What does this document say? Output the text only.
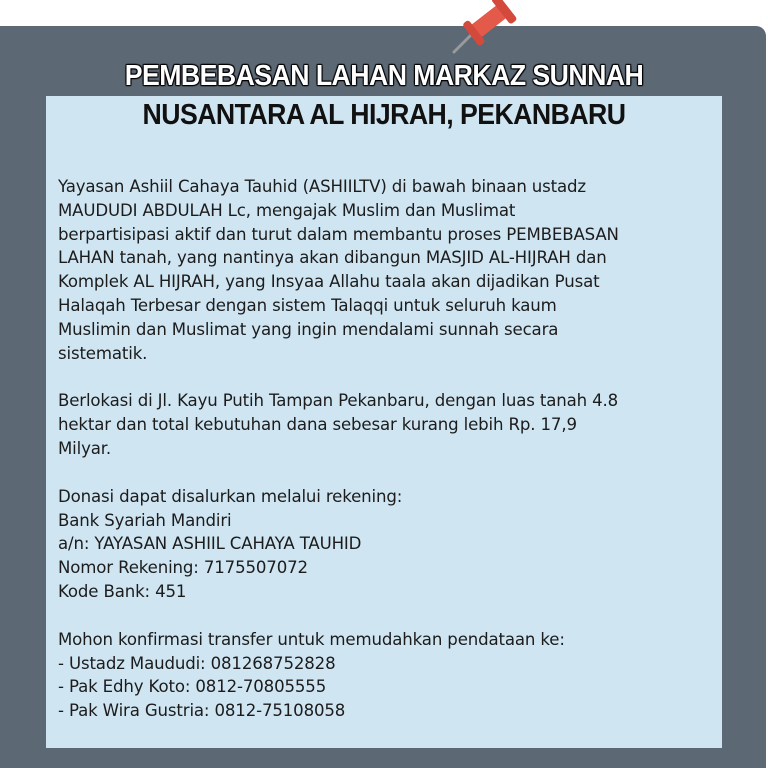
PEMBEBASAN LAHAN MARKAZ SUNNAH
NUSANTARA AL HIJRAH, PEKANBARU

Yayasan Ashiil Cahaya Tauhid (ASHIILTV) di bawah binaan ustadz

MAUDUDI ABDULAH Lc, mengajak Muslim dan Muslimat

berpartisipasi aktif dan turut dalam membantu proses PEMBEBASAN

LAHAN tanah, yang nantinya akan dibangun MASJID AL-HIJRAH dan

Komplek AL HIJRAH, yang Insyaa Allahu taala akan dijadikan Pusat

Halaqah Terbesar dengan sistem Talaqqi untuk seluruh kaum

Muslimin dan Muslimat yang ingin mendalami sunnah secara

sistematik.

Berlokasi di Jl. Kayu Putih Tampan Pekanbaru, dengan luas tanah 4.8

hektar dan total kebutuhan dana sebesar kurang lebih Rp. 17,9

Milyar.

Donasi dapat disalurkan melalui rekening:

Bank Syariah Mandiri

a/n: YAYASAN ASHIIL CAHAYA TAUHID

Nomor Rekening: 7175507072

Kode Bank: 451

Mohon konfirmasi transfer untuk memudahkan pendataan ke:

- Ustadz Maududi: 081268752828

- Pak Edhy Koto: 0812-70805555

- Pak Wira Gustria: 0812-75108058
